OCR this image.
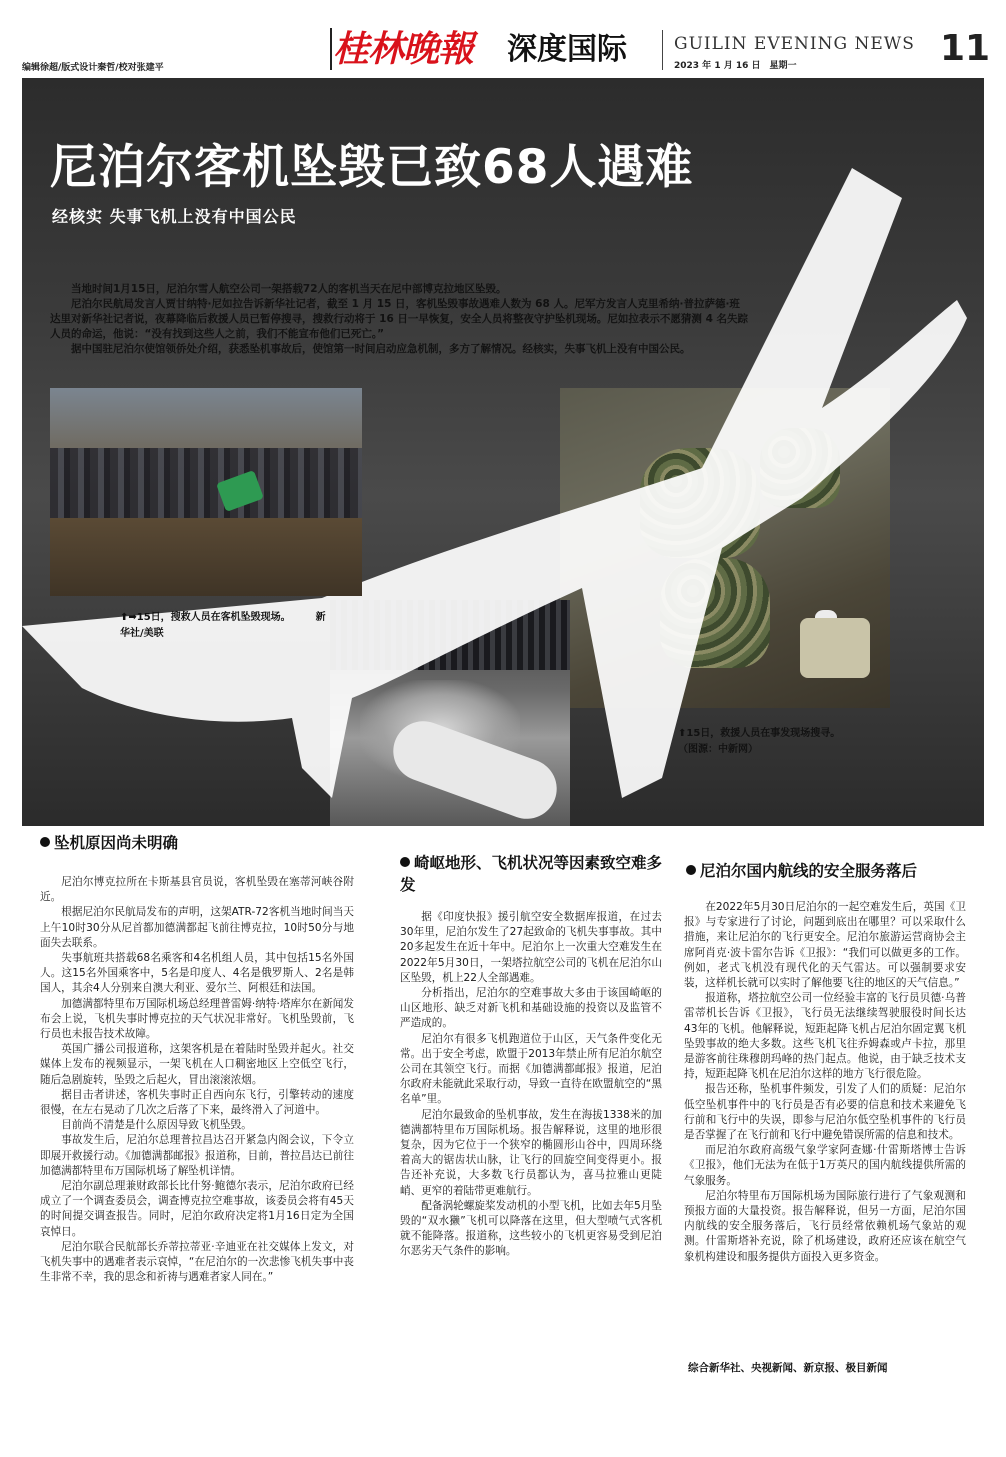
编辑徐超/版式设计秦哲/校对张建平	桂林晚報	深度国际	GUILIN EVENING NEWS
2023 年 1 月 16 日　星期一	11
尼泊尔客机坠毁已致68人遇难
经核实 失事飞机上没有中国公民

当地时间1月15日，尼泊尔雪人航空公司一架搭载72人的客机当天在尼中部博克拉地区坠毁。

尼泊尔民航局发言人贾甘纳特·尼如拉告诉新华社记者，截至 1 月 15 日，客机坠毁事故遇难人数为 68 人。尼军方发言人克里希纳·普拉萨德·班达里对新华社记者说，夜幕降临后救援人员已暂停搜寻，搜救行动将于 16 日一早恢复，安全人员将整夜守护坠机现场。尼如拉表示不愿猜测 4 名失踪人员的命运，他说：“没有找到这些人之前，我们不能宣布他们已死亡。”

据中国驻尼泊尔使馆领侨处介绍，获悉坠机事故后，使馆第一时间启动应急机制，多方了解情况。经核实，失事飞机上没有中国公民。

⬆➡15日，搜救人员在客机坠毁现场。　　　新华社/美联
⬆15日，救援人员在事发现场搜寻。（图源：中新网）
坠机原因尚未明确

尼泊尔博克拉所在卡斯基县官员说，客机坠毁在塞蒂河峡谷附近。

根据尼泊尔民航局发布的声明，这架ATR-72客机当地时间当天上午10时30分从尼首都加德满都起飞前往博克拉，10时50分与地面失去联系。

失事航班共搭载68名乘客和4名机组人员，其中包括15名外国人。这15名外国乘客中，5名是印度人、4名是俄罗斯人、2名是韩国人，其余4人分别来自澳大利亚、爱尔兰、阿根廷和法国。

加德满都特里布万国际机场总经理普雷姆·纳特·塔库尔在新闻发布会上说，飞机失事时博克拉的天气状况非常好。飞机坠毁前，飞行员也未报告技术故障。

英国广播公司报道称，这架客机是在着陆时坠毁并起火。社交媒体上发布的视频显示，一架飞机在人口稠密地区上空低空飞行，随后急剧旋转，坠毁之后起火，冒出滚滚浓烟。

据目击者讲述，客机失事时正自西向东飞行，引擎转动的速度很慢，在左右晃动了几次之后落了下来，最终滑入了河道中。

目前尚不清楚是什么原因导致飞机坠毁。

事故发生后，尼泊尔总理普拉昌达召开紧急内阁会议，下令立即展开救援行动。《加德满都邮报》报道称，目前，普拉昌达已前往加德满都特里布万国际机场了解坠机详情。

尼泊尔副总理兼财政部长比什努·鲍德尔表示，尼泊尔政府已经成立了一个调查委员会，调查博克拉空难事故，该委员会将有45天的时间提交调查报告。同时，尼泊尔政府决定将1月16日定为全国哀悼日。

尼泊尔联合民航部长乔蒂拉蒂亚·辛迪亚在社交媒体上发文，对飞机失事中的遇难者表示哀悼，“在尼泊尔的一次悲惨飞机失事中丧生非常不幸，我的思念和祈祷与遇难者家人同在。”

崎岖地形、飞机状况等因素致空难多发

据《印度快报》援引航空安全数据库报道，在过去30年里，尼泊尔发生了27起致命的飞机失事事故。其中20多起发生在近十年中。尼泊尔上一次重大空难发生在2022年5月30日，一架塔拉航空公司的飞机在尼泊尔山区坠毁，机上22人全部遇难。

分析指出，尼泊尔的空难事故大多由于该国崎岖的山区地形、缺乏对新飞机和基础设施的投资以及监管不严造成的。

尼泊尔有很多飞机跑道位于山区，天气条件变化无常。出于安全考虑，欧盟于2013年禁止所有尼泊尔航空公司在其领空飞行。而据《加德满都邮报》报道，尼泊尔政府未能就此采取行动，导致一直待在欧盟航空的“黑名单”里。

尼泊尔最致命的坠机事故，发生在海拔1338米的加德满都特里布万国际机场。报告解释说，这里的地形很复杂，因为它位于一个狭窄的椭圆形山谷中，四周环绕着高大的锯齿状山脉，让飞行的回旋空间变得更小。报告还补充说，大多数飞行员都认为，喜马拉雅山更陡峭、更窄的着陆带更难航行。

配备涡轮螺旋桨发动机的小型飞机，比如去年5月坠毁的“双水獭”飞机可以降落在这里，但大型喷气式客机就不能降落。报道称，这些较小的飞机更容易受到尼泊尔恶劣天气条件的影响。

尼泊尔国内航线的安全服务落后

在2022年5月30日尼泊尔的一起空难发生后，英国《卫报》与专家进行了讨论，问题到底出在哪里？可以采取什么措施，来让尼泊尔的飞行更安全。尼泊尔旅游运营商协会主席阿肖克·波卡雷尔告诉《卫报》：“我们可以做更多的工作。例如，老式飞机没有现代化的天气雷达。可以强制要求安装，这样机长就可以实时了解他要飞往的地区的天气信息。”

报道称，塔拉航空公司一位经验丰富的飞行员贝德·乌普雷蒂机长告诉《卫报》，飞行员无法继续驾驶服役时间长达43年的飞机。他解释说，短距起降飞机占尼泊尔固定翼飞机坠毁事故的绝大多数。这些飞机飞往乔姆森或卢卡拉，那里是游客前往珠穆朗玛峰的热门起点。他说，由于缺乏技术支持，短距起降飞机在尼泊尔这样的地方飞行很危险。

报告还称，坠机事件频发，引发了人们的质疑：尼泊尔低空坠机事件中的飞行员是否有必要的信息和技术来避免飞行前和飞行中的失误，即参与尼泊尔低空坠机事件的飞行员是否掌握了在飞行前和飞行中避免错误所需的信息和技术。

而尼泊尔政府高级气象学家阿查娜·什雷斯塔博士告诉《卫报》，他们无法为在低于1万英尺的国内航线提供所需的气象服务。

尼泊尔特里布万国际机场为国际旅行进行了气象观测和预报方面的大量投资。报告解释说，但另一方面，尼泊尔国内航线的安全服务落后，飞行员经常依赖机场气象站的观测。什雷斯塔补充说，除了机场建设，政府还应该在航空气象机构建设和服务提供方面投入更多资金。

综合新华社、央视新闻、新京报、极目新闻
